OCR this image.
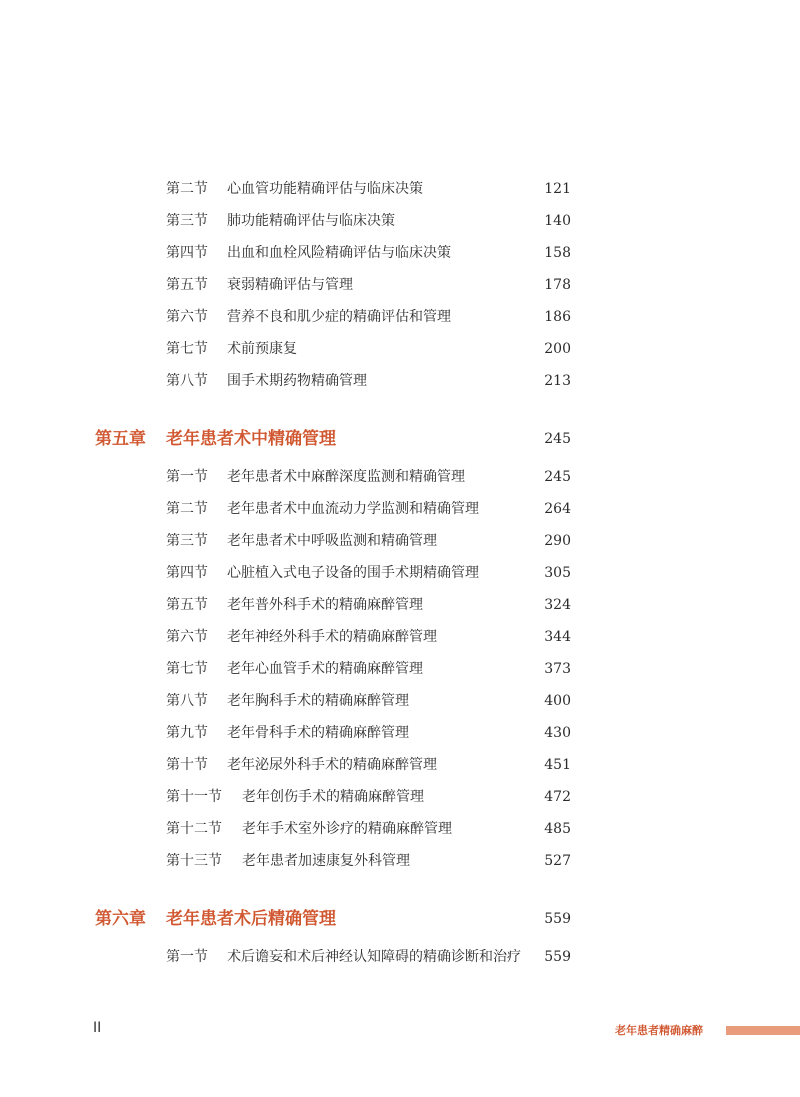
第二节 心血管功能精确评估与临床决策	121
第三节 肺功能精确评估与临床决策	140
第四节 出血和血栓风险精确评估与临床决策	158
第五节 衰弱精确评估与管理	178
第六节 营养不良和肌少症的精确评估和管理	186
第七节 术前预康复	200
第八节 围手术期药物精确管理	213
第五章 老年患者术中精确管理	245
第一节 老年患者术中麻醉深度监测和精确管理	245
第二节 老年患者术中血流动力学监测和精确管理	264
第三节 老年患者术中呼吸监测和精确管理	290
第四节 心脏植入式电子设备的围手术期精确管理	305
第五节 老年普外科手术的精确麻醉管理	324
第六节 老年神经外科手术的精确麻醉管理	344
第七节 老年心血管手术的精确麻醉管理	373
第八节 老年胸科手术的精确麻醉管理	400
第九节 老年骨科手术的精确麻醉管理	430
第十节 老年泌尿外科手术的精确麻醉管理	451
第十一节 老年创伤手术的精确麻醉管理	472
第十二节 老年手术室外诊疗的精确麻醉管理	485
第十三节 老年患者加速康复外科管理	527
第六章 老年患者术后精确管理	559
第一节 术后谵妄和术后神经认知障碍的精确诊断和治疗 559
II	老年患者精确麻醉
